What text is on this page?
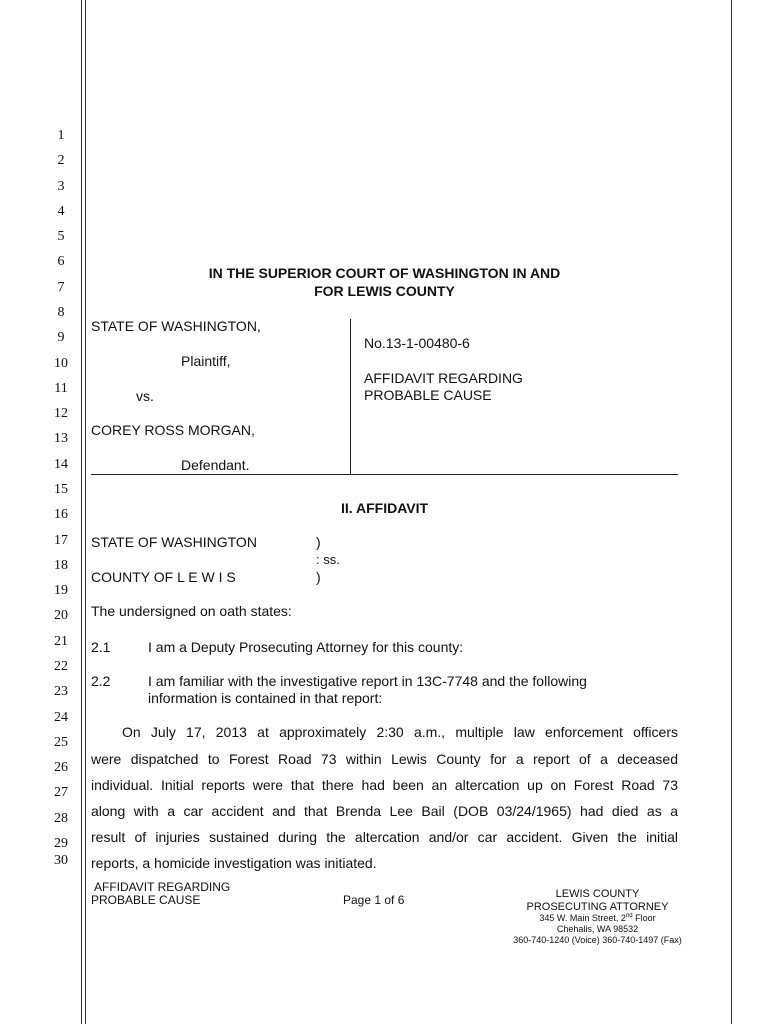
1
2
3
4
5
6
7
8
9
10
11
12
13
14
15
16
17
18
19
20
21
22
23
24
25
26
27
28
29
30
IN THE SUPERIOR COURT OF WASHINGTON IN AND
FOR LEWIS COUNTY
STATE OF WASHINGTON,
Plaintiff,
vs.
COREY ROSS MORGAN,
Defendant.
No.13-1-00480-6
AFFIDAVIT REGARDING
PROBABLE CAUSE
II. AFFIDAVIT
STATE OF WASHINGTON	)
: ss.
COUNTY OF L E W I S	)
The undersigned on oath states:
2.1	I am a Deputy Prosecuting Attorney for this county:
2.2	I am familiar with the investigative report in 13C-7748 and the following
information is contained in that report:
On July 17, 2013 at approximately 2:30 a.m., multiple law enforcement officers
were dispatched to Forest Road 73 within Lewis County for a report of a deceased
individual. Initial reports were that there had been an altercation up on Forest Road 73
along with a car accident and that Brenda Lee Bail (DOB 03/24/1965) had died as a
result of injuries sustained during the altercation and/or car accident. Given the initial
reports, a homicide investigation was initiated.
AFFIDAVIT REGARDING
PROBABLE CAUSE	Page 1 of 6	LEWIS COUNTY
PROSECUTING ATTORNEY
345 W. Main Street, 2nd Floor
Chehalis, WA 98532
360-740-1240 (Voice) 360-740-1497 (Fax)
